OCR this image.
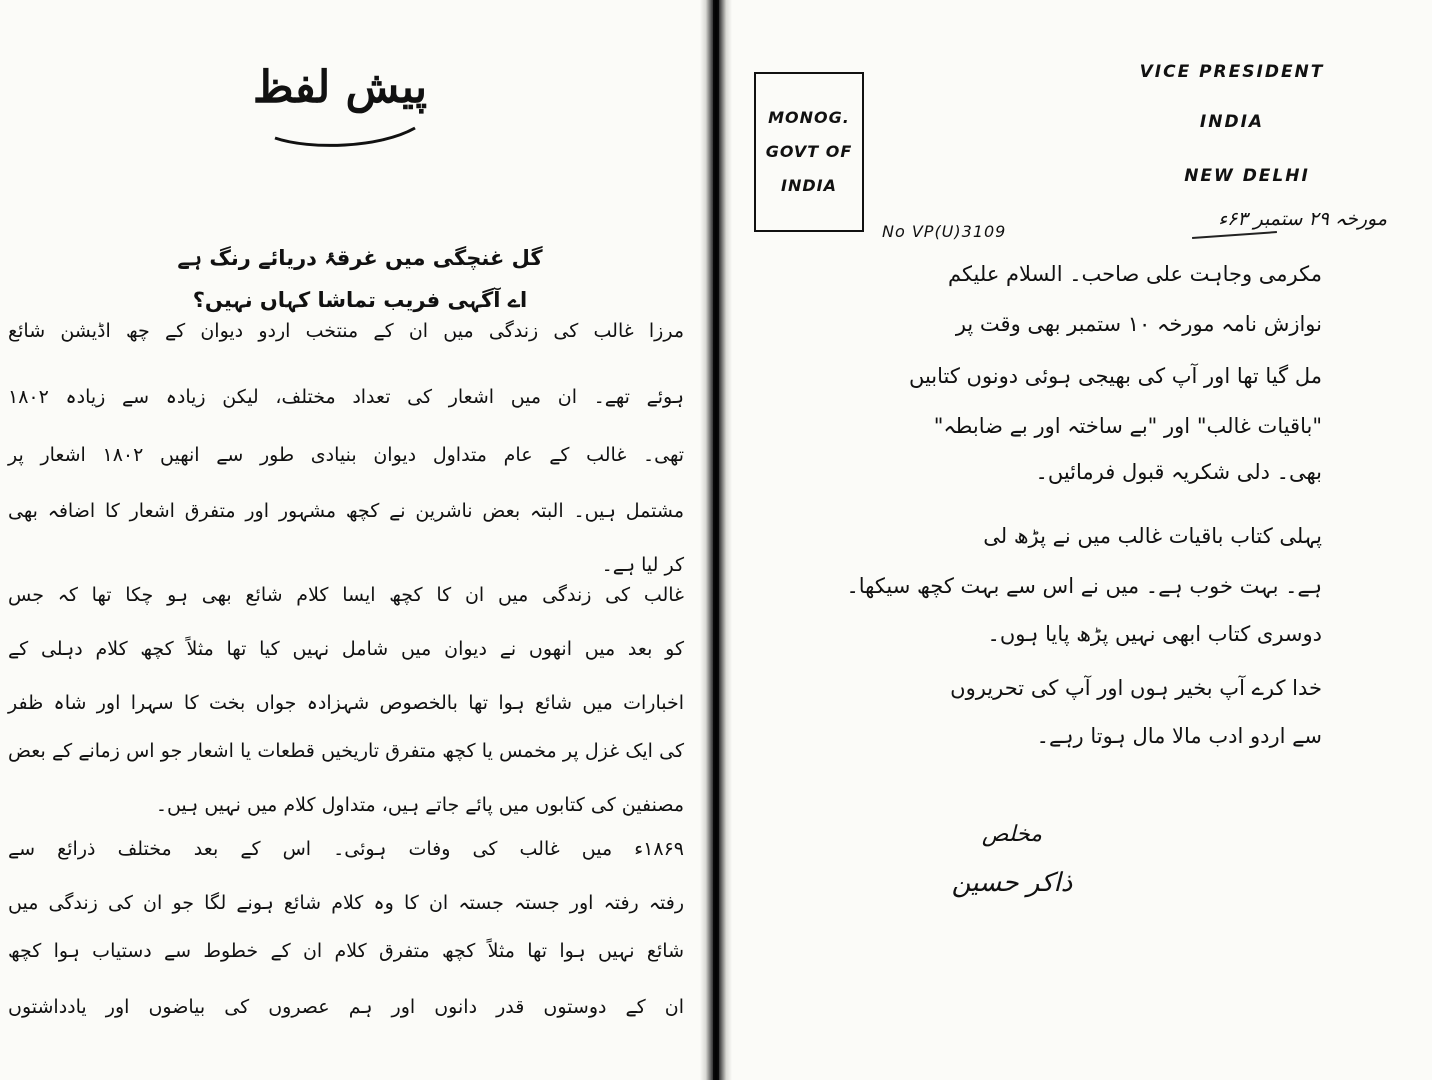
پیش لفظ
گل غنچگی میں غرقۂ دریائے رنگ ہے
اے آگہی فریب تماشا کہاں نہیں؟
مرزا غالب کی زندگی میں ان کے منتخب اردو دیوان کے چھ اڈیشن شائع
ہوئے تھے۔ ان میں اشعار کی تعداد مختلف، لیکن زیادہ سے زیادہ ۱۸۰۲
تھی۔ غالب کے عام متداول دیوان بنیادی طور سے انھیں ۱۸۰۲ اشعار پر
مشتمل ہیں۔ البتہ بعض ناشرین نے کچھ مشہور اور متفرق اشعار کا اضافہ بھی
کر لیا ہے۔
غالب کی زندگی میں ان کا کچھ ایسا کلام شائع بھی ہو چکا تھا کہ جس
کو بعد میں انھوں نے دیوان میں شامل نہیں کیا تھا مثلاً کچھ کلام دہلی کے
اخبارات میں شائع ہوا تھا بالخصوص شہزادہ جواں بخت کا سہرا اور شاہ ظفر
کی ایک غزل پر مخمس یا کچھ متفرق تاریخیں قطعات یا اشعار جو اس زمانے کے بعض
مصنفین کی کتابوں میں پائے جاتے ہیں، متداول کلام میں نہیں ہیں۔
۱۸۶۹ء میں غالب کی وفات ہوئی۔ اس کے بعد مختلف ذرائع سے
رفتہ رفتہ اور جستہ جستہ ان کا وہ کلام شائع ہونے لگا جو ان کی زندگی میں
شائع نہیں ہوا تھا مثلاً کچھ متفرق کلام ان کے خطوط سے دستیاب ہوا کچھ
ان کے دوستوں قدر دانوں اور ہم عصروں کی بیاضوں اور یادداشتوں
MONOG.
GOVT OF
INDIA
VICE PRESIDENT
INDIA
NEW DELHI
No VP(U)3109
مورخہ ۲۹ ستمبر ۶۳ء
مکرمی وجاہت علی صاحب۔ السلام علیکم
نوازش نامہ مورخہ ۱۰ ستمبر بھی وقت پر
مل گیا تھا اور آپ کی بھیجی ہوئی دونوں کتابیں
"باقیات غالب" اور "بے ساختہ اور بے ضابطہ"
بھی۔ دلی شکریہ قبول فرمائیں۔
پہلی کتاب باقیات غالب میں نے پڑھ لی
ہے۔ بہت خوب ہے۔ میں نے اس سے بہت کچھ سیکھا۔
دوسری کتاب ابھی نہیں پڑھ پایا ہوں۔
خدا کرے آپ بخیر ہوں اور آپ کی تحریروں
سے اردو ادب مالا مال ہوتا رہے۔
مخلص
ذاکر حسین
